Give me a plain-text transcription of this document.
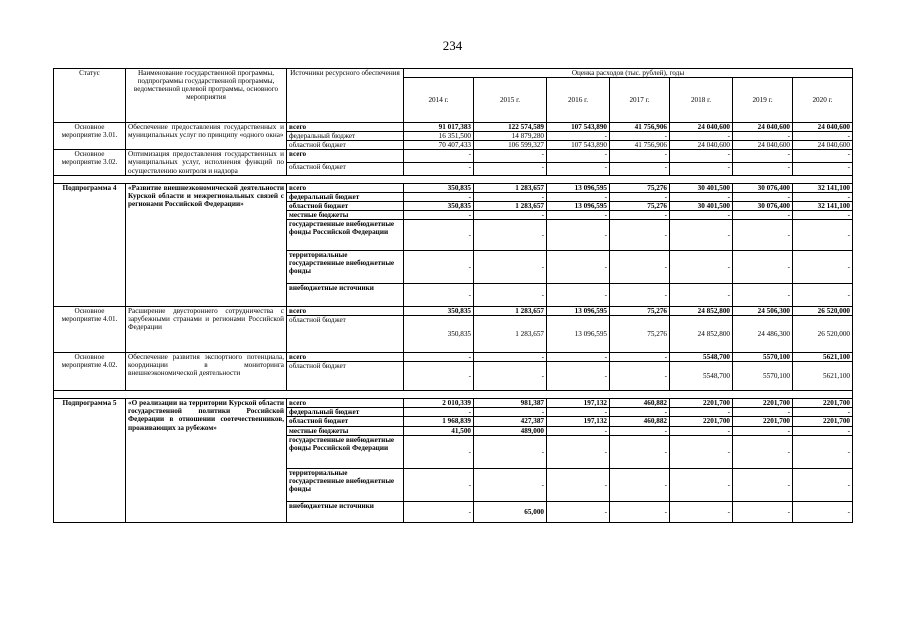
234
Статус	Наименование государственной программы, подпрограммы государственной программы, ведомственной целевой программы, основного мероприятия	Источники ресурсного обеспечения	Оценка расходов (тыс. рублей), годы						
			2014 г.	2015 г.	2016 г.	2017 г.	2018 г.	2019 г.	2020 г.
Основное мероприятие 3.01.	Обеспечение предоставления государственных и муниципальных услуг по принципу «одного окна»	всего	91 017,383	122 574,589	107 543,890	41 756,906	24 040,600	24 040,600	24 040,600
		федеральный бюджет	16 351,500	14 879,280	-	-	-	-	-
		областной бюджет	70 407,433	106 599,327	107 543,890	41 756,906	24 040,600	24 040,600	24 040,600
Основное мероприятие 3.02.	Оптимизация предоставления государственных и муниципальных услуг, исполнения функций по осуществлению контроля и надзора	всего	-	-	-	-	-	-	-
		областной бюджет	-	-	-	-	-	-	-

Подпрограмма 4	«Развитие внешнеэкономической деятельности Курской области и межрегиональных связей с регионами Российской Федерации»	всего	350,835	1 283,657	13 096,595	75,276	30 401,500	30 076,400	32 141,100
		федеральный бюджет	-	-	-	-	-	-	-
		областной бюджет	350,835	1 283,657	13 096,595	75,276	30 401,500	30 076,400	32 141,100
		местные бюджеты	-	-	-	-	-	-	-
		государственные внебюджетные фонды Российской Федерации	-	-	-	-	-	-	-
		территориальные государственные внебюджетные фонды	-	-	-	-	-	-	-
		внебюджетные источники	-	-	-	-	-	-	-
Основное мероприятие 4.01.	Расширение двустороннего сотрудничества с зарубежными странами и регионами Российской Федерации	всего	350,835	1 283,657	13 096,595	75,276	24 852,800	24 506,300	26 520,000
		областной бюджет	350,835	1 283,657	13 096,595	75,276	24 852,800	24 486,300	26 520,000
Основное мероприятие 4.02.	Обеспечение развития экспортного потенциала, координации в мониторинга внешнеэкономической деятельности	всего	-	-	-	-	5548,700	5570,100	5621,100
		областной бюджет	-	-	-	-	5548,700	5570,100	5621,100

Подпрограмма 5	«О реализации на территории Курской области государственной политики Российской Федерации в отношении соотечественников, проживающих за рубежом»	всего	2 010,339	981,387	197,132	460,882	2201,700	2201,700	2201,700
		федеральный бюджет	-	-	-	-	-	-	-
		областной бюджет	1 968,839	427,387	197,132	460,882	2201,700	2201,700	2201,700
		местные бюджеты	41,500	489,000	-	-	-	-	-
		государственные внебюджетные фонды Российской Федерации	-	-	-	-	-	-	-
		территориальные государственные внебюджетные фонды	-	-	-	-	-	-	-
		внебюджетные источники	-	65,000	-	-	-	-	-
